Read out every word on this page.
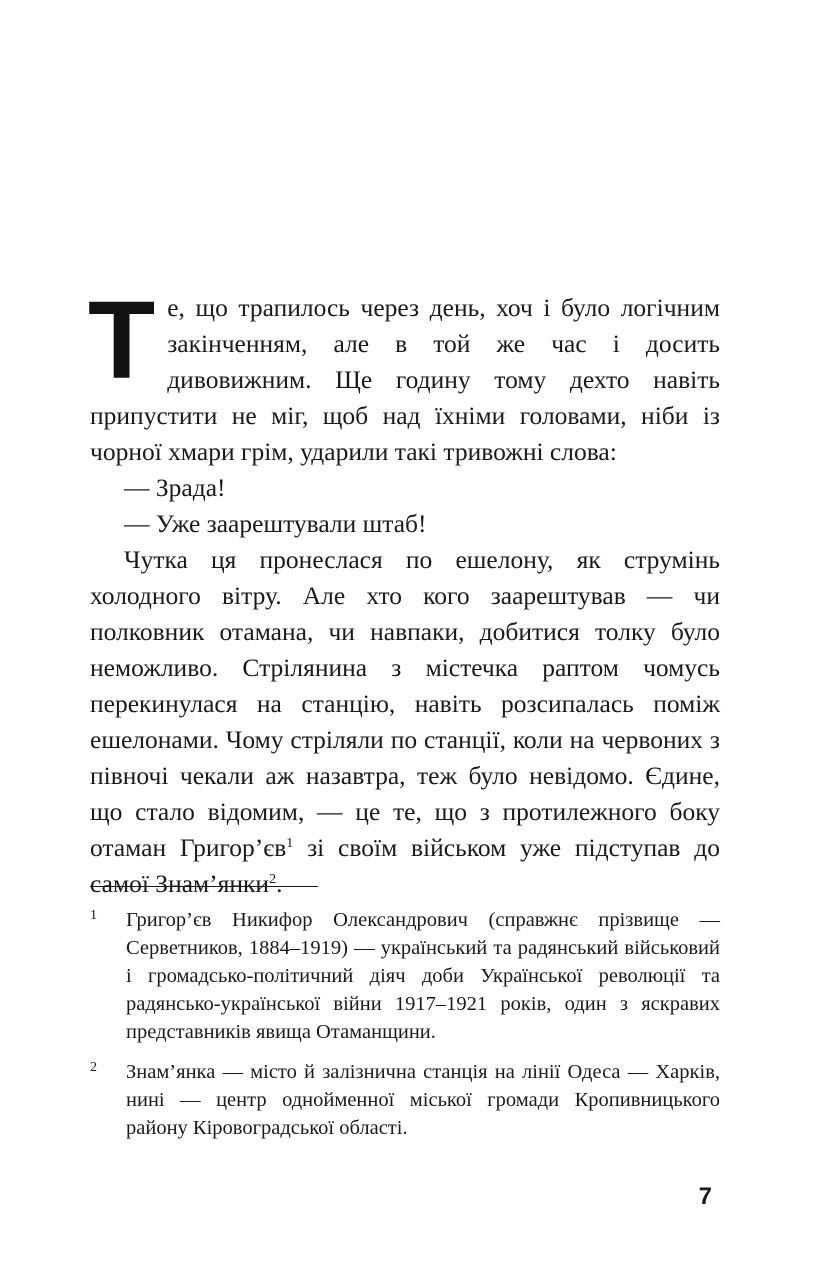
Те, що трапилось через день, хоч і було логічним закінченням, але в той же час і досить дивовижним. Ще годину тому дехто навіть припустити не міг, щоб над їхніми головами, ніби із чорної хмари грім, ударили такі тривожні слова:

— Зрада!

— Уже заарештували штаб!

Чутка ця пронеслася по ешелону, як струмінь холодного вітру. Але хто кого заарештував — чи полковник отамана, чи навпаки, добитися толку було неможливо. Стрілянина з містечка раптом чомусь перекинулася на станцію, навіть розсипалась поміж ешелонами. Чому стріляли по станції, коли на червоних з півночі чекали аж назавтра, теж було невідомо. Єдине, що стало відомим, — це те, що з протилежного боку отаман $Григор’єв^1$ зі своїм військом уже підступав до самої Знам’янки$^2$.

1 Григор’єв Никифор Олександрович (справжнє прізвище — Серветников, 1884–1919) — український та радянський військовий і громадсько-політичний діяч доби Української революції та радянсько-української війни 1917–1921 років, один з яскравих представників явища Отаманщини.
2 Знам’янка — місто й залізнична станція на лінії Одеса — Харків, нині — центр однойменної міської громади Кропивницького району Кіровоградської області.
7
